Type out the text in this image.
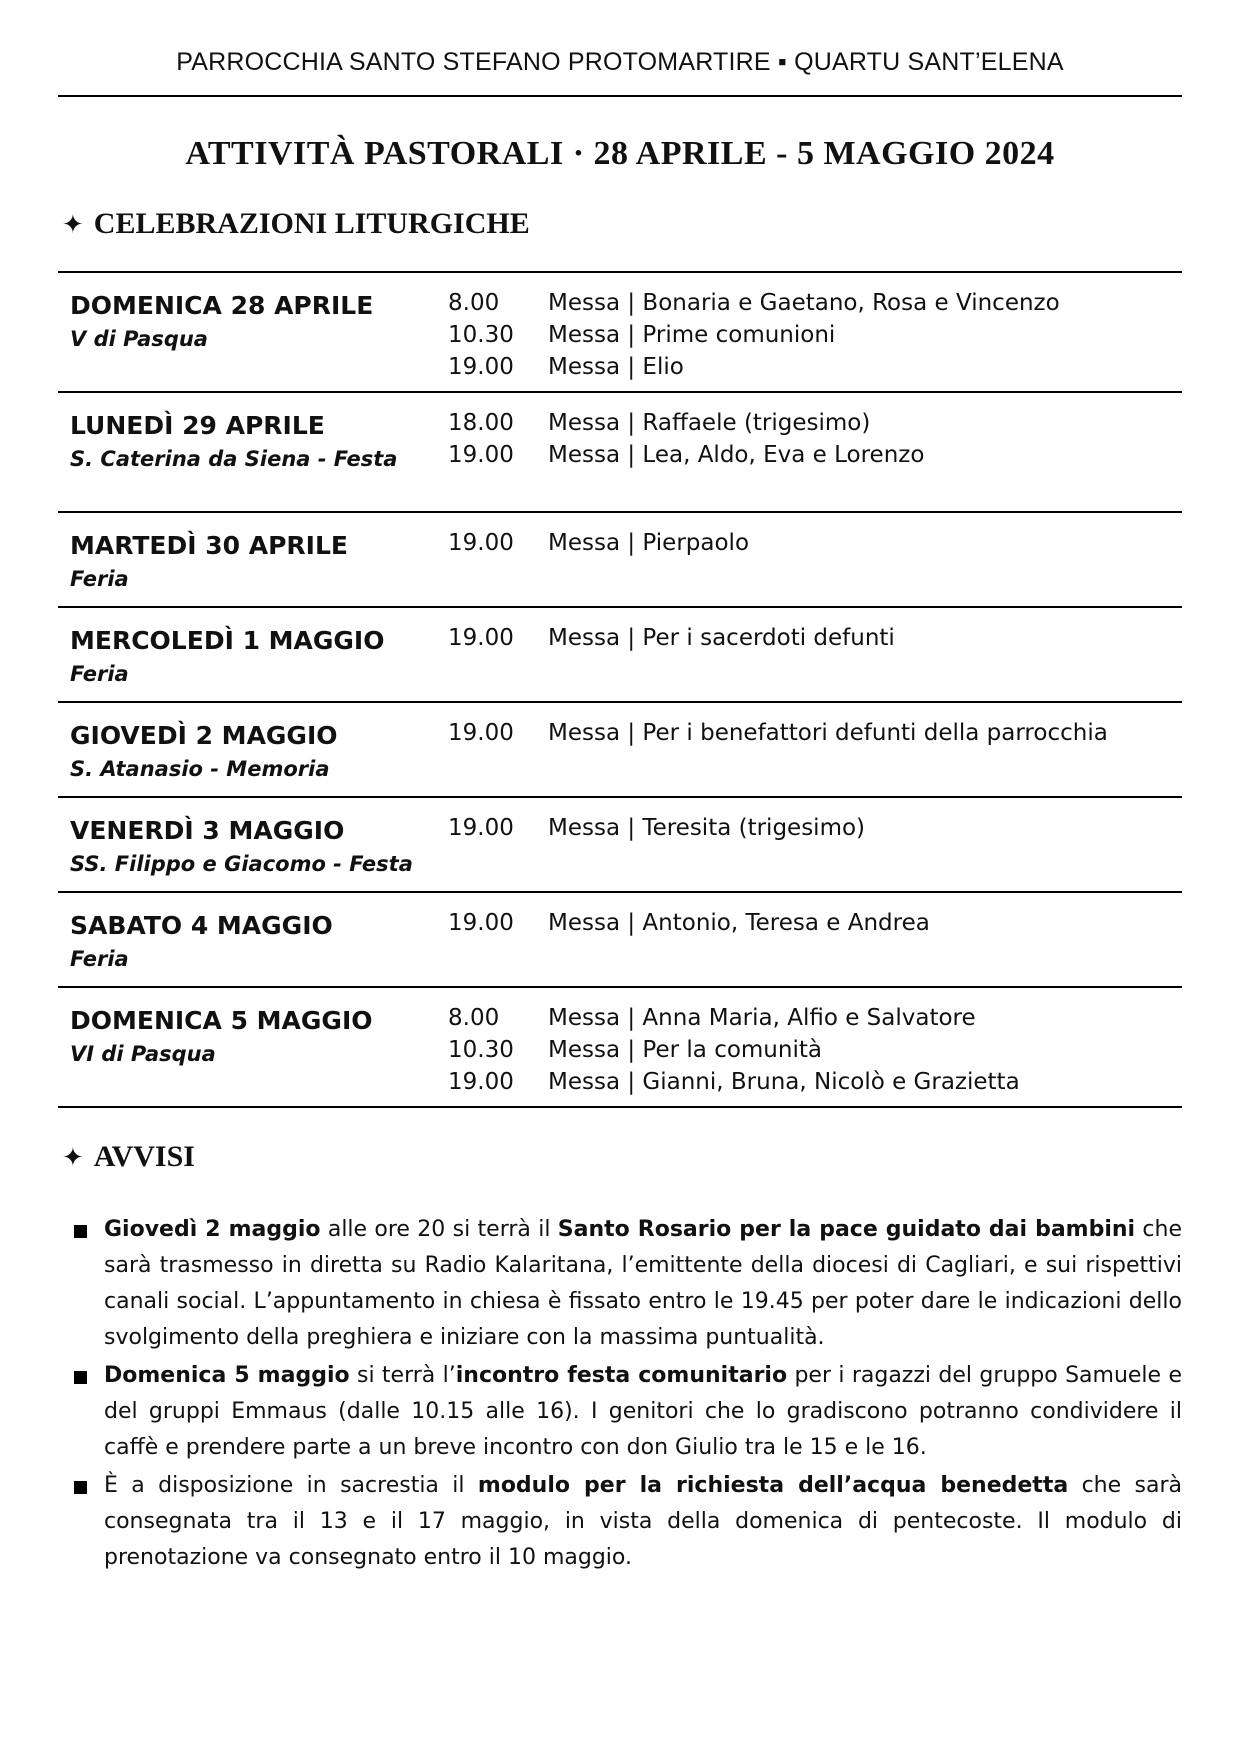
PARROCCHIA SANTO STEFANO PROTOMARTIRE ▪ QUARTU SANT’ELENA
ATTIVITÀ PASTORALI · 28 APRILE - 5 MAGGIO 2024
✦ CELEBRAZIONI LITURGICHE
DOMENICA 28 APRILE
V di Pasqua
8.00 Messa | Bonaria e Gaetano, Rosa e Vincenzo
10.30 Messa | Prime comunioni
19.00 Messa | Elio
LUNEDÌ 29 APRILE
S. Caterina da Siena - Festa
18.00 Messa | Raffaele (trigesimo)
19.00 Messa | Lea, Aldo, Eva e Lorenzo
MARTEDÌ 30 APRILE
Feria
19.00 Messa | Pierpaolo
MERCOLEDÌ 1 MAGGIO
Feria
19.00 Messa | Per i sacerdoti defunti
GIOVEDÌ 2 MAGGIO
S. Atanasio - Memoria
19.00 Messa | Per i benefattori defunti della parrocchia
VENERDÌ 3 MAGGIO
SS. Filippo e Giacomo - Festa
19.00 Messa | Teresita (trigesimo)
SABATO 4 MAGGIO
Feria
19.00 Messa | Antonio, Teresa e Andrea
DOMENICA 5 MAGGIO
VI di Pasqua
8.00 Messa | Anna Maria, Alfio e Salvatore
10.30 Messa | Per la comunità
19.00 Messa | Gianni, Bruna, Nicolò e Grazietta
✦ AVVISI
Giovedì 2 maggio alle ore 20 si terrà il Santo Rosario per la pace guidato dai bambini che sarà trasmesso in diretta su Radio Kalaritana, l’emittente della diocesi di Cagliari, e sui rispettivi canali social. L’appuntamento in chiesa è fissato entro le 19.45 per poter dare le indicazioni dello svolgimento della preghiera e iniziare con la massima puntualità.
Domenica 5 maggio si terrà l’incontro festa comunitario per i ragazzi del gruppo Samuele e del gruppi Emmaus (dalle 10.15 alle 16). I genitori che lo gradiscono potranno condividere il caffè e prendere parte a un breve incontro con don Giulio tra le 15 e le 16.
È a disposizione in sacrestia il modulo per la richiesta dell’acqua benedetta che sarà consegnata tra il 13 e il 17 maggio, in vista della domenica di pentecoste. Il modulo di prenotazione va consegnato entro il 10 maggio.
